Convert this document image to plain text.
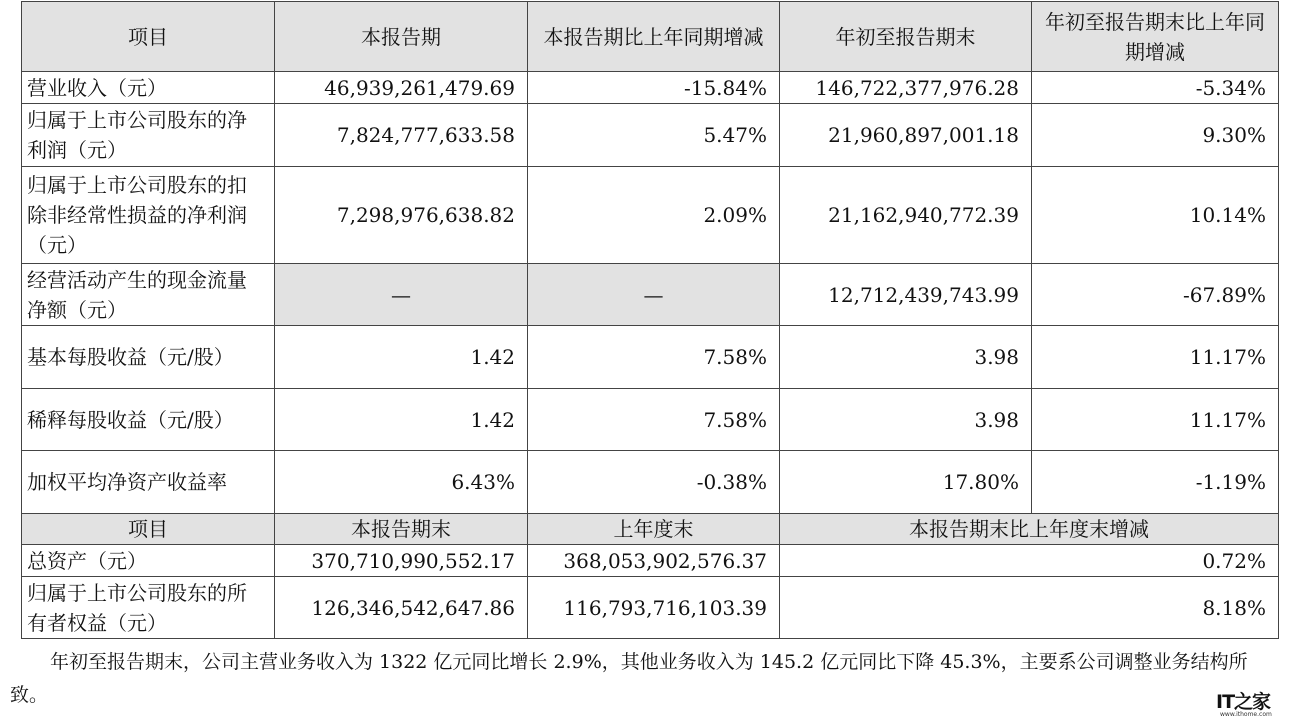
项目	本报告期	本报告期比上年同期增减	年初至报告期末	年初至报告期末比上年同期增减
营业收入（元）	46,939,261,479.69	-15.84%	146,722,377,976.28	-5.34%
归属于上市公司股东的净利润（元）	7,824,777,633.58	5.47%	21,960,897,001.18	9.30%
归属于上市公司股东的扣除非经常性损益的净利润（元）	7,298,976,638.82	2.09%	21,162,940,772.39	10.14%
经营活动产生的现金流量净额（元）	—	—	12,712,439,743.99	-67.89%
基本每股收益（元/股）	1.42	7.58%	3.98	11.17%
稀释每股收益（元/股）	1.42	7.58%	3.98	11.17%
加权平均净资产收益率	6.43%	-0.38%	17.80%	-1.19%
项目	本报告期末	上年度末	本报告期末比上年度末增减	
总资产（元）	370,710,990,552.17	368,053,902,576.37	0.72%	
归属于上市公司股东的所有者权益（元）	126,346,542,647.86	116,793,716,103.39	8.18%	

年初至报告期末，公司主营业务收入为 1322 亿元同比增长 2.9%，其他业务收入为 145.2 亿元同比下降 45.3%，主要系公司调整业务结构所致。	IT之家
www.ithome.com
